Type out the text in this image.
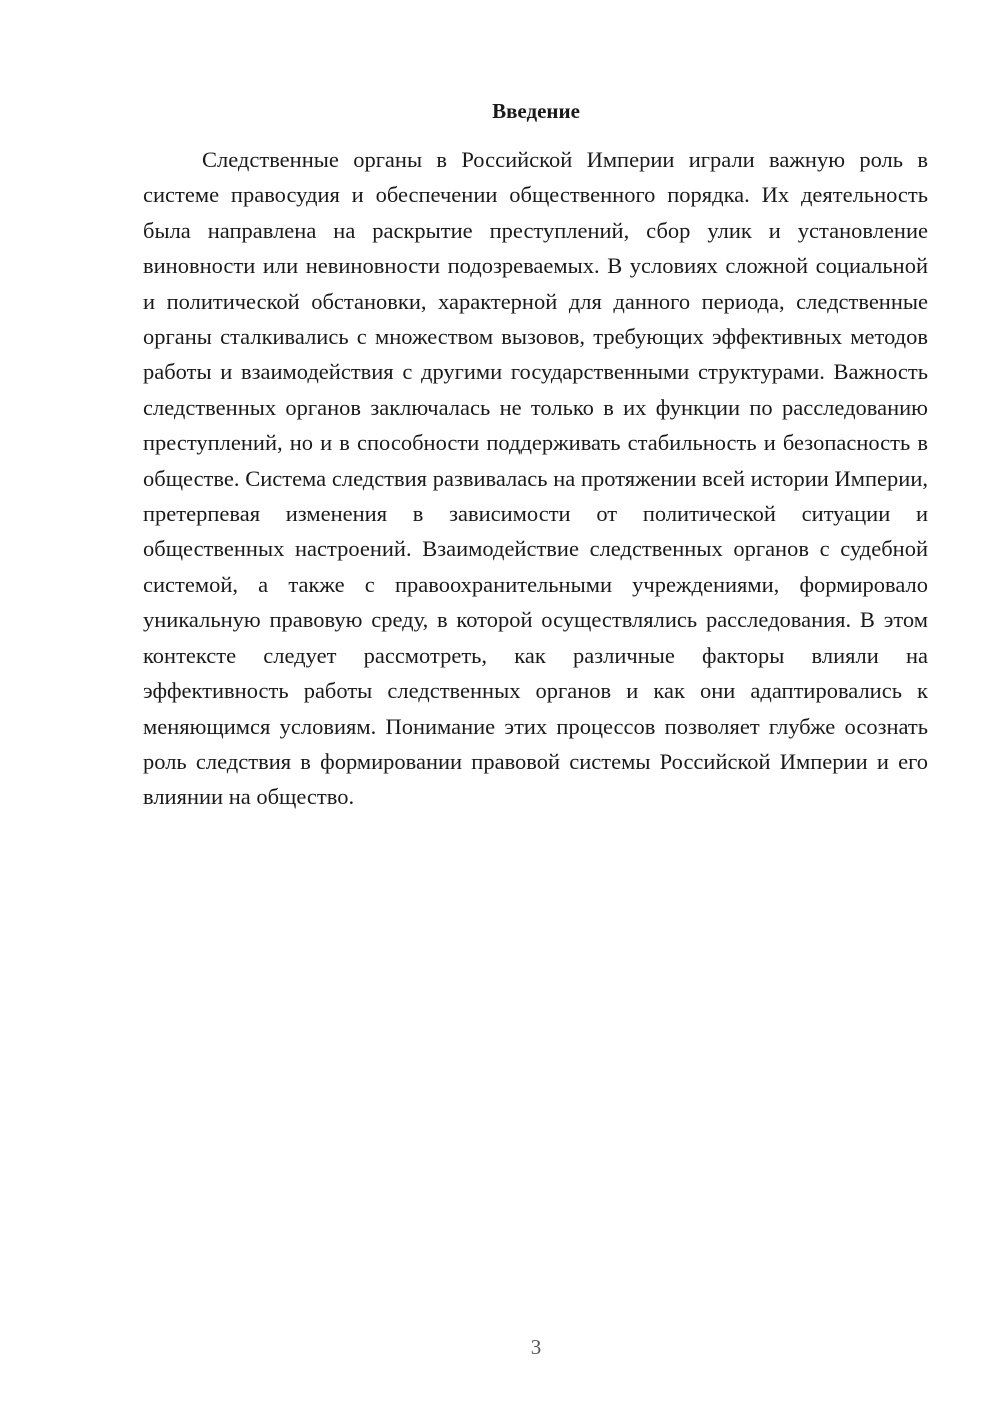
Введение

Следственные органы в Российской Империи играли важную роль в системе правосудия и обеспечении общественного порядка. Их деятельность была направлена на раскрытие преступлений, сбор улик и установление виновности или невиновности подозреваемых. В условиях сложной социальной и политической обстановки, характерной для данного периода, следственные органы сталкивались с множеством вызовов, требующих эффективных методов работы и взаимодействия с другими государственными структурами. Важность следственных органов заключалась не только в их функции по расследованию преступлений, но и в способности поддерживать стабильность и безопасность в обществе. Система следствия развивалась на протяжении всей истории Империи, претерпевая изменения в зависимости от политической ситуации и общественных настроений. Взаимодействие следственных органов с судебной системой, а также с правоохранительными учреждениями, формировало уникальную правовую среду, в которой осуществлялись расследования. В этом контексте следует рассмотреть, как различные факторы влияли на эффективность работы следственных органов и как они адаптировались к меняющимся условиям. Понимание этих процессов позволяет глубже осознать роль следствия в формировании правовой системы Российской Империи и его влиянии на общество.

3
